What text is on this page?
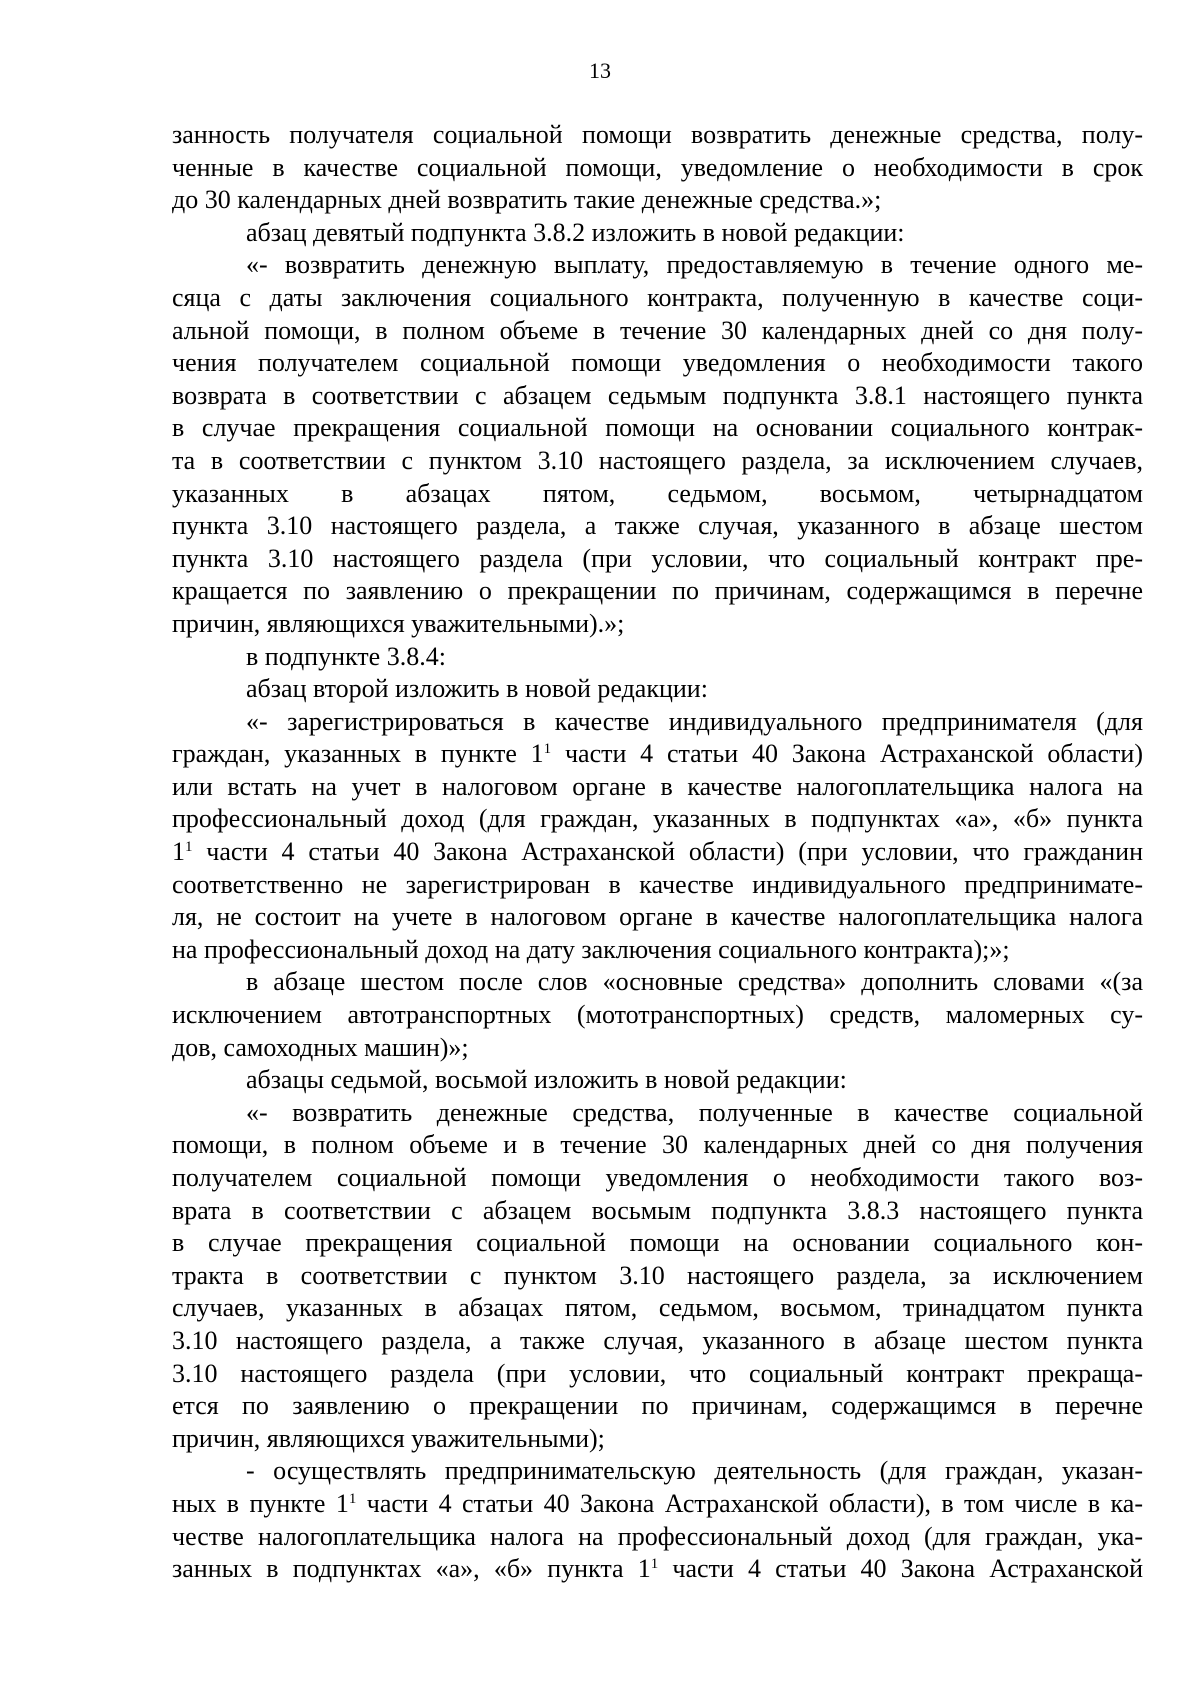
13
занность получателя социальной помощи возвратить денежные средства, полу-
ченные в качестве социальной помощи, уведомление о необходимости в срок
до 30 календарных дней возвратить такие денежные средства.»;
абзац девятый подпункта 3.8.2 изложить в новой редакции:
«- возвратить денежную выплату, предоставляемую в течение одного ме-
сяца с даты заключения социального контракта, полученную в качестве соци-
альной помощи, в полном объеме в течение 30 календарных дней со дня полу-
чения получателем социальной помощи уведомления о необходимости такого
возврата в соответствии с абзацем седьмым подпункта 3.8.1 настоящего пункта
в случае прекращения социальной помощи на основании социального контрак-
та в соответствии с пунктом 3.10 настоящего раздела, за исключением случаев,
указанных в абзацах пятом, седьмом, восьмом, четырнадцатом
пункта 3.10 настоящего раздела, а также случая, указанного в абзаце шестом
пункта 3.10 настоящего раздела (при условии, что социальный контракт пре-
кращается по заявлению о прекращении по причинам, содержащимся в перечне
причин, являющихся уважительными).»;
в подпункте 3.8.4:
абзац второй изложить в новой редакции:
«- зарегистрироваться в качестве индивидуального предпринимателя (для
граждан, указанных в пункте $1^1$ части 4 статьи 40 Закона Астраханской области)
или встать на учет в налоговом органе в качестве налогоплательщика налога на
профессиональный доход (для граждан, указанных в подпунктах «а», «б» пункта
$1^1$ части 4 статьи 40 Закона Астраханской области) (при условии, что гражданин
соответственно не зарегистрирован в качестве индивидуального предпринимате-
ля, не состоит на учете в налоговом органе в качестве налогоплательщика налога
на профессиональный доход на дату заключения социального контракта);»;
в абзаце шестом после слов «основные средства» дополнить словами «(за
исключением автотранспортных (мототранспортных) средств, маломерных су-
дов, самоходных машин)»;
абзацы седьмой, восьмой изложить в новой редакции:
«- возвратить денежные средства, полученные в качестве социальной
помощи, в полном объеме и в течение 30 календарных дней со дня получения
получателем социальной помощи уведомления о необходимости такого воз-
врата в соответствии с абзацем восьмым подпункта 3.8.3 настоящего пункта
в случае прекращения социальной помощи на основании социального кон-
тракта в соответствии с пунктом 3.10 настоящего раздела, за исключением
случаев, указанных в абзацах пятом, седьмом, восьмом, тринадцатом пункта
3.10 настоящего раздела, а также случая, указанного в абзаце шестом пункта
3.10 настоящего раздела (при условии, что социальный контракт прекраща-
ется по заявлению о прекращении по причинам, содержащимся в перечне
причин, являющихся уважительными);
- осуществлять предпринимательскую деятельность (для граждан, указан-
ных в пункте $1^1$ части 4 статьи 40 Закона Астраханской области), в том числе в ка-
честве налогоплательщика налога на профессиональный доход (для граждан, ука-
занных в подпунктах «а», «б» пункта $1^1$ части 4 статьи 40 Закона Астраханской
